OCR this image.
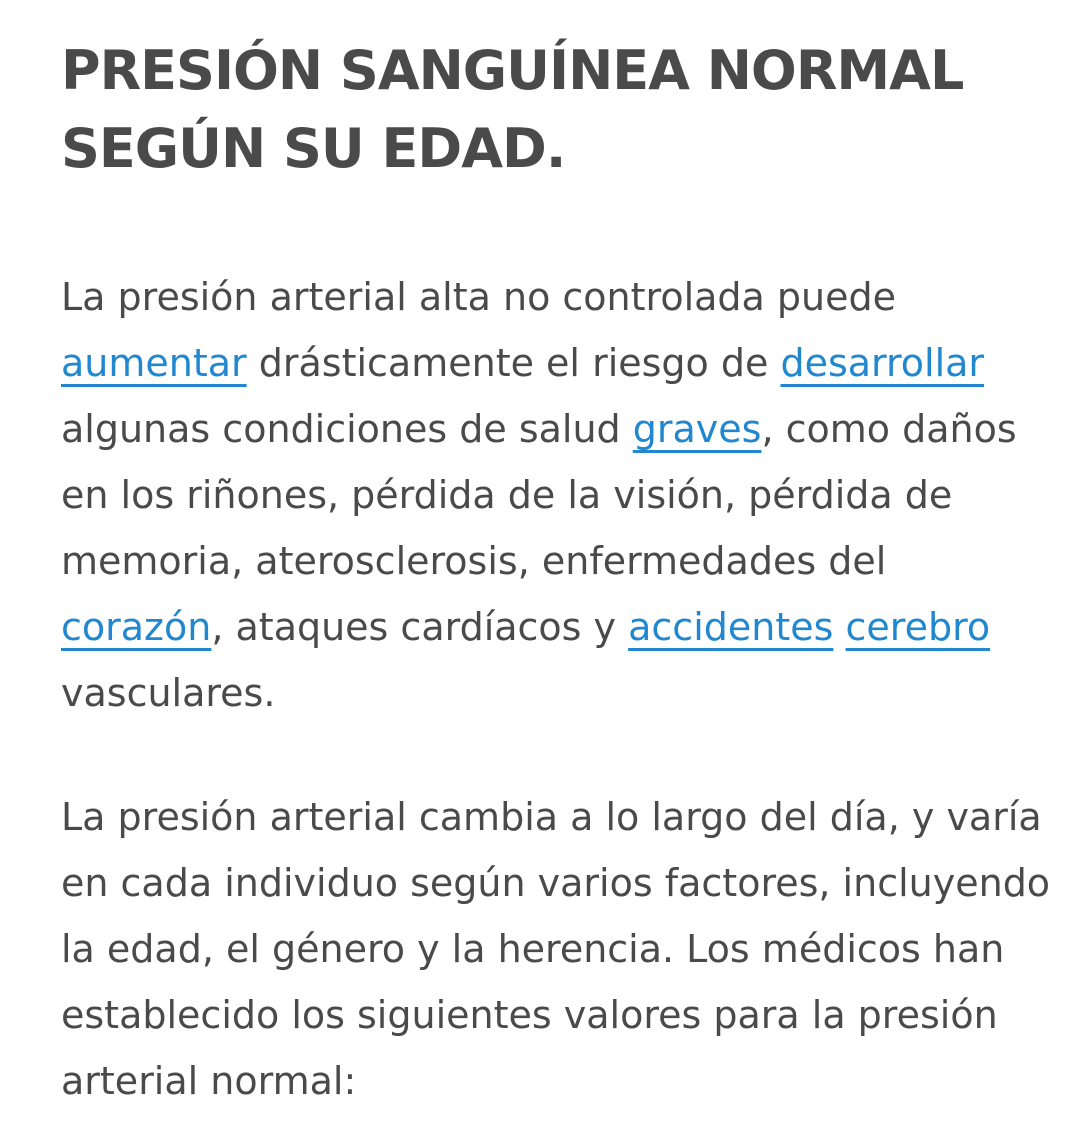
PRESIÓN SANGUÍNEA NORMAL
SEGÚN SU EDAD.

La presión arterial alta no controlada puede aumentar drásticamente el riesgo de desarrollar algunas condiciones de salud graves, como daños en los riñones, pérdida de la visión, pérdida de memoria, aterosclerosis, enfermedades del corazón, ataques cardíacos y accidentes cerebro vasculares.

La presión arterial cambia a lo largo del día, y varía en cada individuo según varios factores, incluyendo la edad, el género y la herencia. Los médicos han establecido los siguientes valores para la presión arterial normal:
